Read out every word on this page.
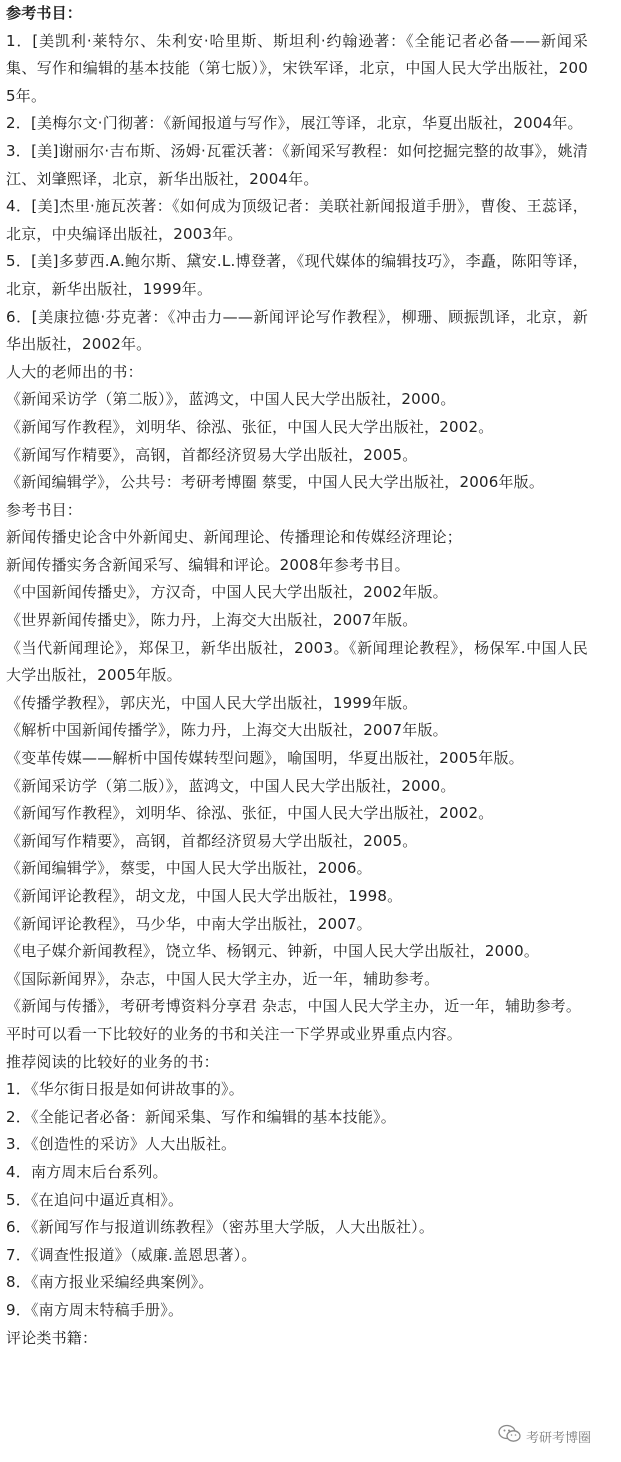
参考书目：

1．[美凯利·莱特尔、朱利安·哈里斯、斯坦利·约翰逊著：《全能记者必备——新闻采集、写作和编辑的基本技能（第七版）》，宋铁军译，北京，中国人民大学出版社，2005年。

2．[美梅尔文·门彻著：《新闻报道与写作》，展江等译，北京，华夏出版社，2004年。

3．[美]谢丽尔·吉布斯、汤姆·瓦霍沃著：《新闻采写教程：如何挖掘完整的故事》，姚清江、刘肇熙译，北京，新华出版社，2004年。

4．[美]杰里·施瓦茨著：《如何成为顶级记者：美联社新闻报道手册》，曹俊、王蕊译，北京，中央编译出版社，2003年。

5．[美]多萝西.A.鲍尔斯、黛安.L.博登著，《现代媒体的编辑技巧》，李矗，陈阳等译，北京，新华出版社，1999年。

6．[美康拉德·芬克著：《冲击力——新闻评论写作教程》，柳珊、顾振凯译，北京，新华出版社，2002年。

人大的老师出的书：

《新闻采访学（第二版）》，蓝鸿文，中国人民大学出版社，2000。

《新闻写作教程》，刘明华、徐泓、张征，中国人民大学出版社，2002。

《新闻写作精要》，高钢，首都经济贸易大学出版社，2005。

《新闻编辑学》，公共号：考研考博圈 蔡雯，中国人民大学出版社，2006年版。

参考书目：

新闻传播史论含中外新闻史、新闻理论、传播理论和传媒经济理论；

新闻传播实务含新闻采写、编辑和评论。2008年参考书目。

《中国新闻传播史》，方汉奇，中国人民大学出版社，2002年版。

《世界新闻传播史》，陈力丹，上海交大出版社，2007年版。

《当代新闻理论》，郑保卫，新华出版社，2003。《新闻理论教程》，杨保军.中国人民大学出版社，2005年版。

《传播学教程》，郭庆光，中国人民大学出版社，1999年版。

《解析中国新闻传播学》，陈力丹，上海交大出版社，2007年版。

《变革传媒——解析中国传媒转型问题》，喻国明，华夏出版社，2005年版。

《新闻采访学（第二版）》，蓝鸿文，中国人民大学出版社，2000。

《新闻写作教程》，刘明华、徐泓、张征，中国人民大学出版社，2002。

《新闻写作精要》，高钢，首都经济贸易大学出版社，2005。

《新闻编辑学》，蔡雯，中国人民大学出版社，2006。

《新闻评论教程》，胡文龙，中国人民大学出版社，1998。

《新闻评论教程》，马少华，中南大学出版社，2007。

《电子媒介新闻教程》，饶立华、杨钢元、钟新，中国人民大学出版社，2000。

《国际新闻界》，杂志，中国人民大学主办，近一年，辅助参考。

《新闻与传播》，考研考博资料分享君 杂志，中国人民大学主办，近一年，辅助参考。

平时可以看一下比较好的业务的书和关注一下学界或业界重点内容。

推荐阅读的比较好的业务的书：

1．《华尔街日报是如何讲故事的》。

2．《全能记者必备：新闻采集、写作和编辑的基本技能》。

3．《创造性的采访》人大出版社。

4．南方周末后台系列。

5．《在追问中逼近真相》。

6．《新闻写作与报道训练教程》（密苏里大学版，人大出版社）。

7．《调查性报道》（威廉.盖恩思著）。

8．《南方报业采编经典案例》。

9．《南方周末特稿手册》。

评论类书籍：

考研考博圈
